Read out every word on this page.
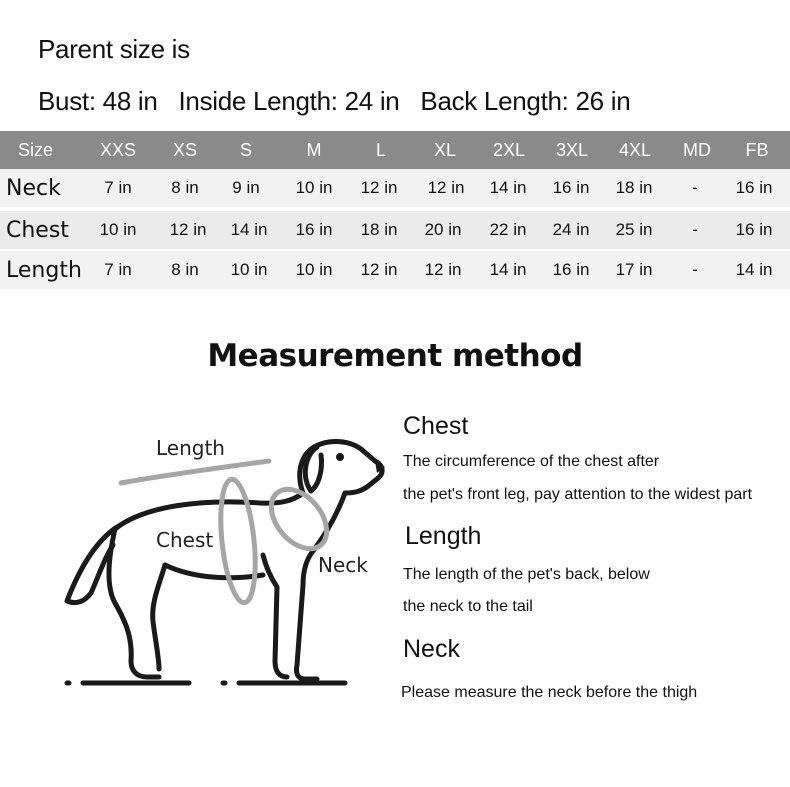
Parent size is
Bust: 48 in Inside Length: 24 in Back Length: 26 in
Size	XXS	XS	S	M	L	XL	2XL	3XL	4XL	MD	FB
Neck	7 in	8 in	9 in	10 in	12 in	12 in	14 in	16 in	18 in	-	16 in
Chest	10 in	12 in	14 in	16 in	18 in	20 in	22 in	24 in	25 in	-	16 in
Length	7 in	8 in	10 in	10 in	12 in	12 in	14 in	16 in	17 in	-	14 in
Measurement method
Length
Chest
Neck
Chest
The circumference of the chest after
the pet's front leg, pay attention to the widest part
Length
The length of the pet's back, below
the neck to the tail
Neck
Please measure the neck before the thigh
